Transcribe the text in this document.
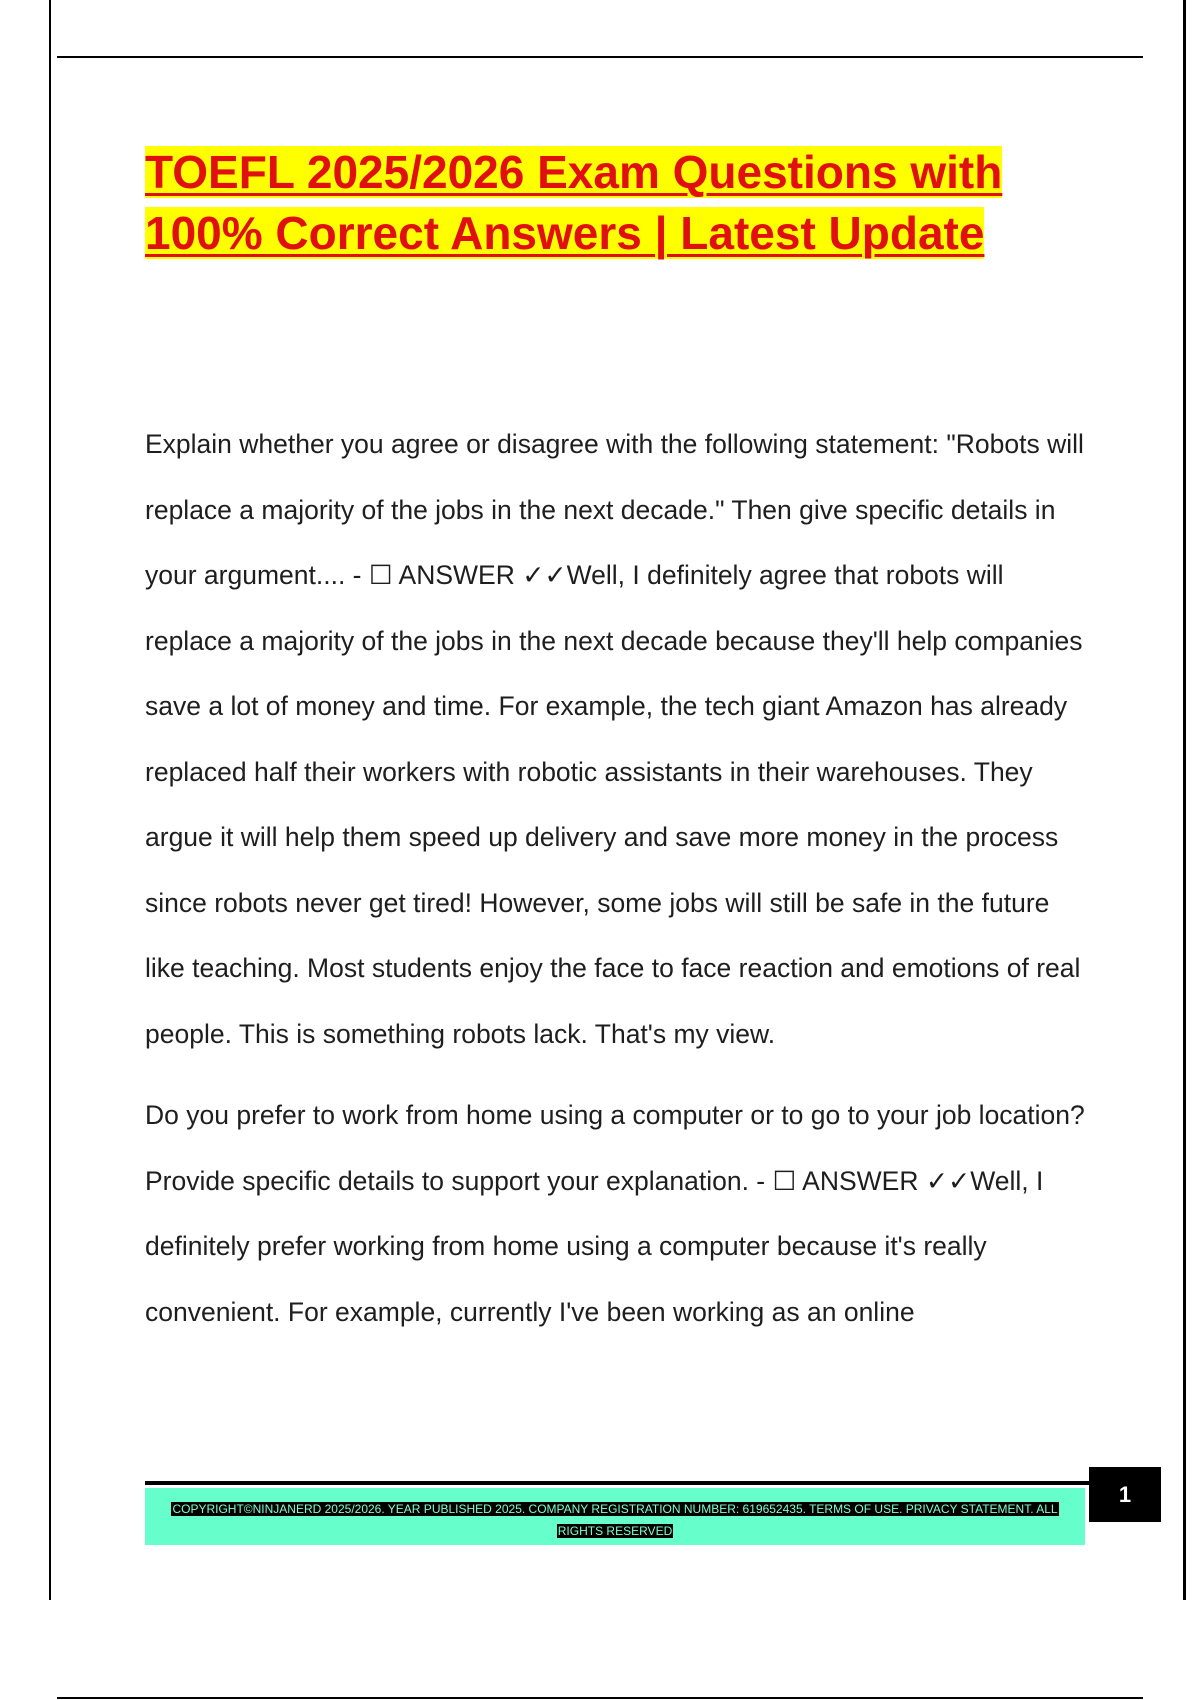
TOEFL 2025/2026 Exam Questions with 100% Correct Answers | Latest Update

Explain whether you agree or disagree with the following statement: "Robots will replace a majority of the jobs in the next decade." Then give specific details in your argument.... - ☐ ANSWER ✓✓Well, I definitely agree that robots will replace a majority of the jobs in the next decade because they'll help companies save a lot of money and time. For example, the tech giant Amazon has already replaced half their workers with robotic assistants in their warehouses. They argue it will help them speed up delivery and save more money in the process since robots never get tired! However, some jobs will still be safe in the future like teaching. Most students enjoy the face to face reaction and emotions of real people. This is something robots lack. That's my view.

Do you prefer to work from home using a computer or to go to your job location? Provide specific details to support your explanation. - ☐ ANSWER ✓✓Well, I definitely prefer working from home using a computer because it's really convenient. For example, currently I've been working as an online

COPYRIGHT©NINJANERD 2025/2026. YEAR PUBLISHED 2025. COMPANY REGISTRATION NUMBER: 619652435. TERMS OF USE. PRIVACY STATEMENT. ALL RIGHTS RESERVED
1
